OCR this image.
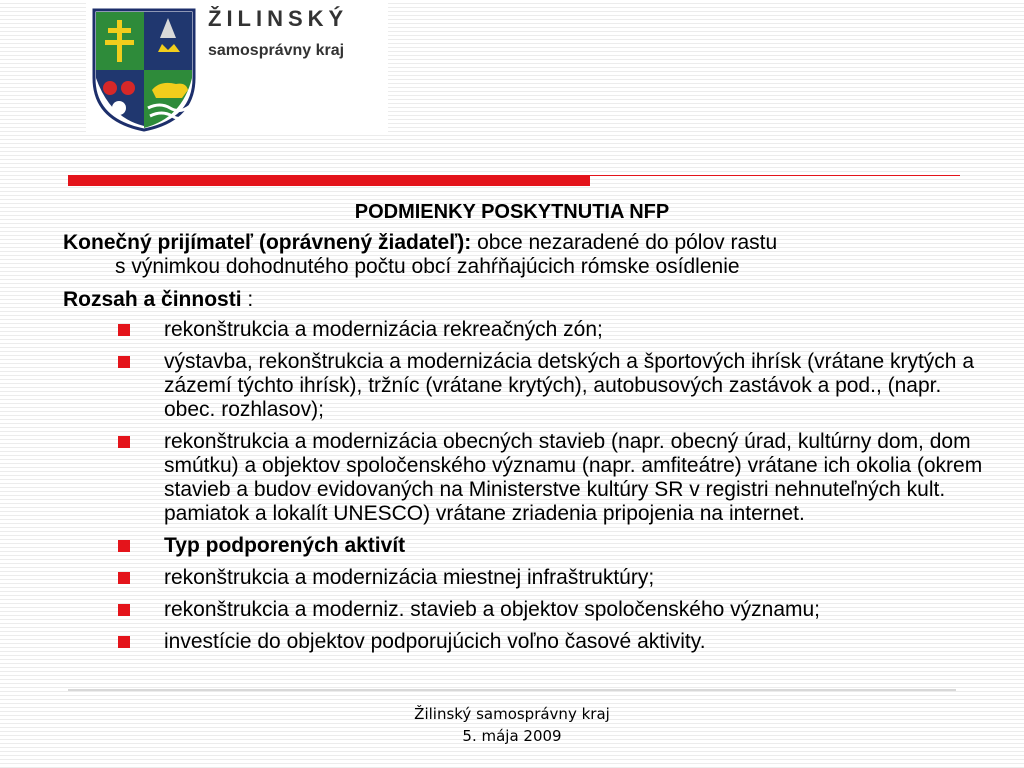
ŽILINSKÝ
samosprávny kraj
PODMIENKY POSKYTNUTIA NFP
Konečný prijímateľ (oprávnený žiadateľ): obce nezaradené do pólov rastu
s výnimkou dohodnutého počtu obcí zahŕňajúcich rómske osídlenie
Rozsah a činnosti :
rekonštrukcia a modernizácia rekreačných zón;
výstavba, rekonštrukcia a modernizácia detských a športových ihrísk (vrátane krytých a zázemí týchto ihrísk), tržníc (vrátane krytých), autobusových zastávok a pod., (napr. obec. rozhlasov);
rekonštrukcia a modernizácia obecných stavieb (napr. obecný úrad, kultúrny dom, dom smútku) a objektov spoločenského významu (napr. amfiteátre) vrátane ich okolia (okrem stavieb a budov evidovaných na Ministerstve kultúry SR v registri nehnuteľných kult. pamiatok a lokalít UNESCO) vrátane zriadenia pripojenia na internet.
Typ podporených aktivít
rekonštrukcia a modernizácia miestnej infraštruktúry;
rekonštrukcia a moderniz. stavieb a objektov spoločenského významu;
investície do objektov podporujúcich voľno časové aktivity.
Žilinský samosprávny kraj
5. mája 2009
